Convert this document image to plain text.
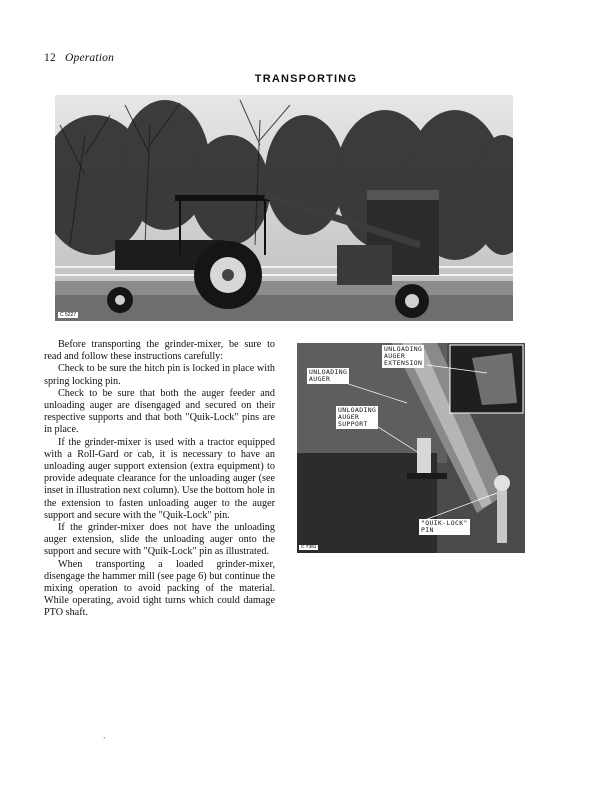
12 Operation
TRANSPORTING
C 5227

Before transporting the grinder-mixer, be sure to read and follow these instructions carefully:

Check to be sure the hitch pin is locked in place with spring locking pin.

Check to be sure that both the auger feeder and unloading auger are disengaged and secured on their respective supports and that both "Quik-Lock" pins are in place.

If the grinder-mixer is used with a tractor equipped with a Roll-Gard or cab, it is necessary to have an unloading auger support extension (extra equipment) to provide adequate clearance for the unloading auger (see inset in illustration next column). Use the bottom hole in the extension to fasten unloading auger to the auger support and secure with the "Quik-Lock" pin.

If the grinder-mixer does not have the unloading auger extension, slide the unloading auger onto the support and secure with "Quik-Lock" pin as illustrated.

When transporting a loaded grinder-mixer, disengage the hammer mill (see page 6) but continue the mixing operation to avoid packing of the material. While operating, avoid tight turns which could damage PTO shaft.

UNLOADING
AUGER
EXTENSION
UNLOADING
AUGER
UNLOADING
AUGER
SUPPORT
"QUIK-LOCK"
PIN
C 7381
’
